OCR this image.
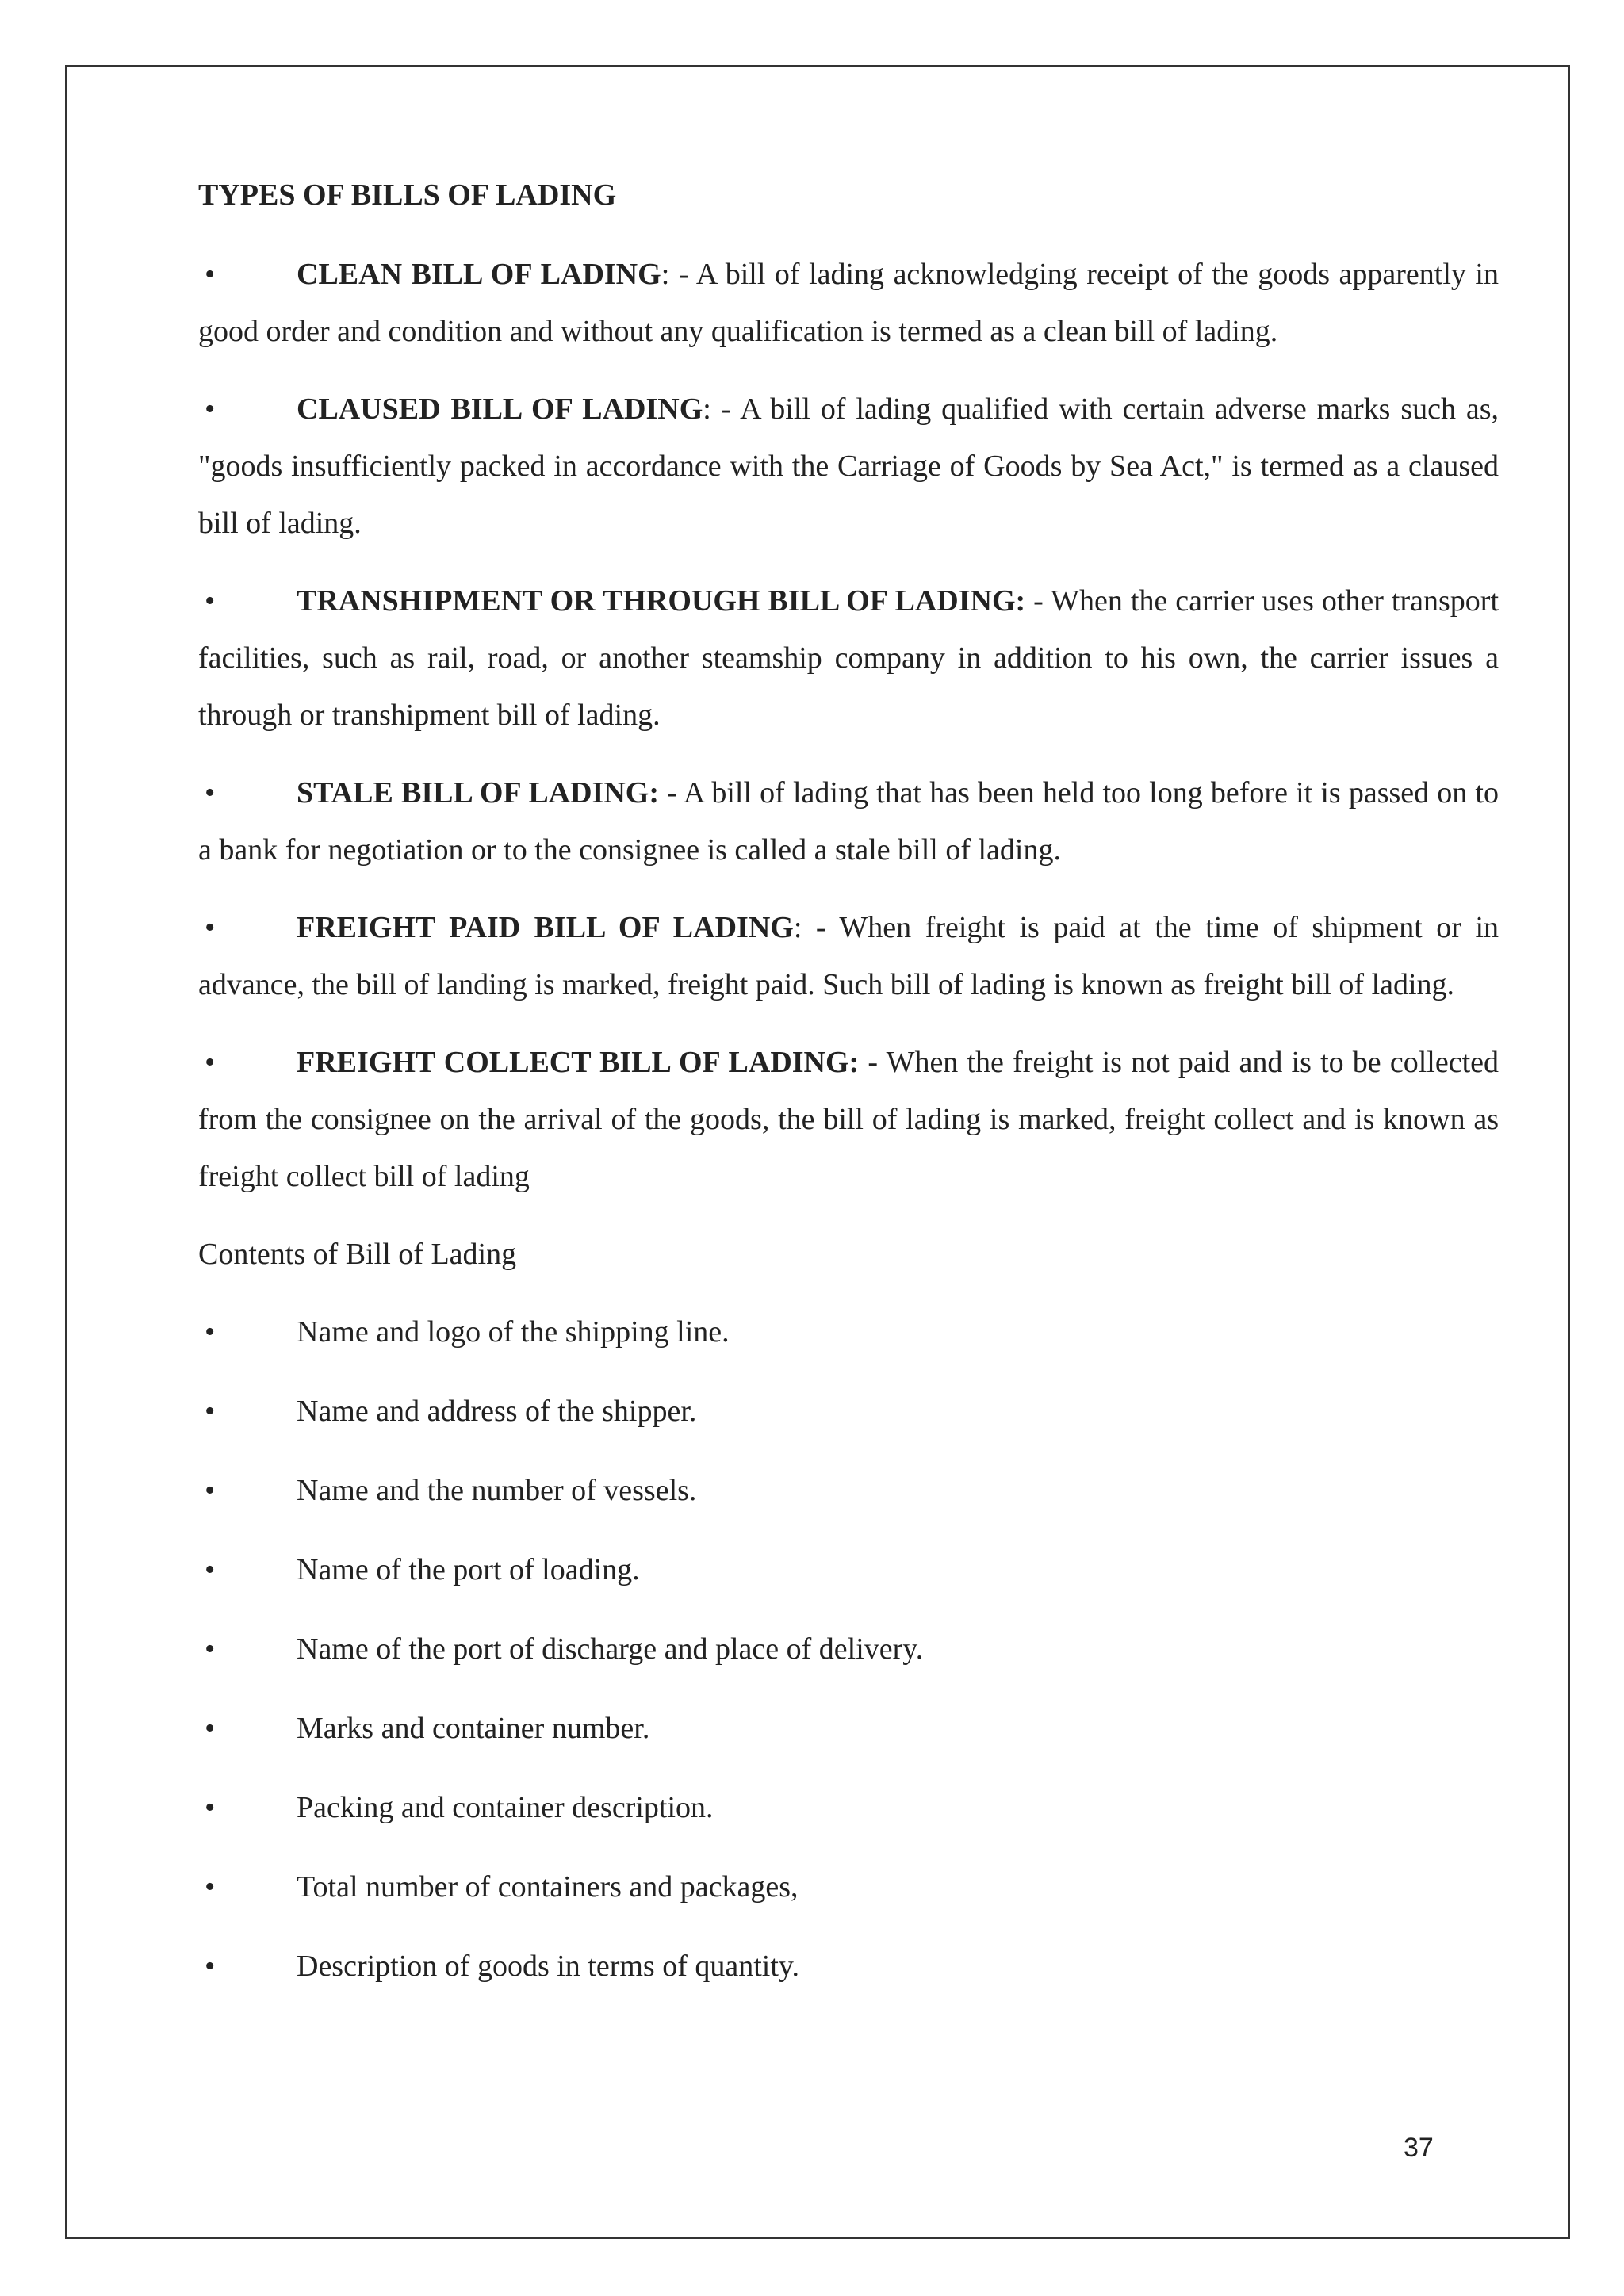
TYPES OF BILLS OF LADING
•	CLEAN BILL OF LADING: - A bill of lading acknowledging receipt of the goods apparently in good order and condition and without any qualification is termed as a clean bill of lading.

•	CLAUSED BILL OF LADING: - A bill of lading qualified with certain adverse marks such as, "goods insufficiently packed in accordance with the Carriage of Goods by Sea Act," is termed as a claused bill of lading.

•	TRANSHIPMENT OR THROUGH BILL OF LADING: - When the carrier uses other transport facilities, such as rail, road, or another steamship company in addition to his own, the carrier issues a through or transhipment bill of lading.

•	STALE BILL OF LADING: - A bill of lading that has been held too long before it is passed on to a bank for negotiation or to the consignee is called a stale bill of lading.

•	FREIGHT PAID BILL OF LADING: - When freight is paid at the time of shipment or in advance, the bill of landing is marked, freight paid. Such bill of lading is known as freight bill of lading.

•	FREIGHT COLLECT BILL OF LADING: - When the freight is not paid and is to be collected from the consignee on the arrival of the goods, the bill of lading is marked, freight collect and is known as freight collect bill of lading

Contents of Bill of Lading
•	Name and logo of the shipping line.
•	Name and address of the shipper.
•	Name and the number of vessels.
•	Name of the port of loading.
•	Name of the port of discharge and place of delivery.
•	Marks and container number.
•	Packing and container description.
•	Total number of containers and packages,
•	Description of goods in terms of quantity.
37
